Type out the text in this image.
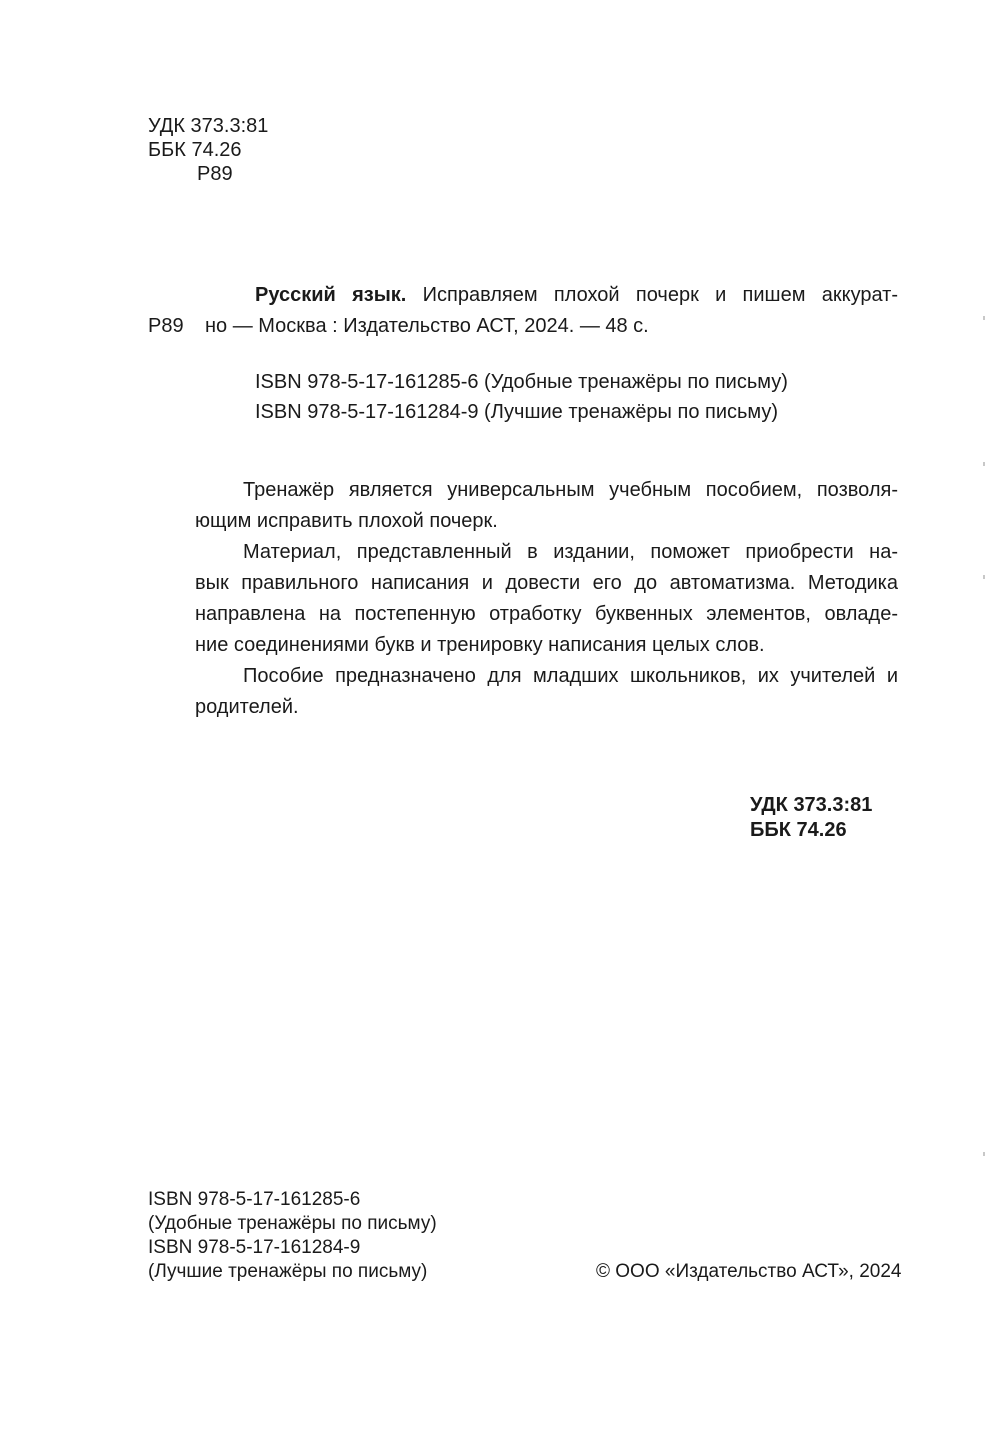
УДК 373.3:81
ББК 74.26
Р89
Русский язык. Исправляем плохой почерк и пишем аккурат-
Р89 но — Москва : Издательство АСТ, 2024. — 48 с.
ISBN 978-5-17-161285-6 (Удобные тренажёры по письму)
ISBN 978-5-17-161284-9 (Лучшие тренажёры по письму)
Тренажёр является универсальным учебным пособием, позволя-
ющим исправить плохой почерк.
Материал, представленный в издании, поможет приобрести на-
вык правильного написания и довести его до автоматизма. Методика
направлена на постепенную отработку буквенных элементов, овладе-
ние соединениями букв и тренировку написания целых слов.
Пособие предназначено для младших школьников, их учителей и
родителей.
УДК 373.3:81
ББК 74.26
ISBN 978-5-17-161285-6
(Удобные тренажёры по письму)
ISBN 978-5-17-161284-9
(Лучшие тренажёры по письму)	© ООО «Издательство АСТ», 2024
